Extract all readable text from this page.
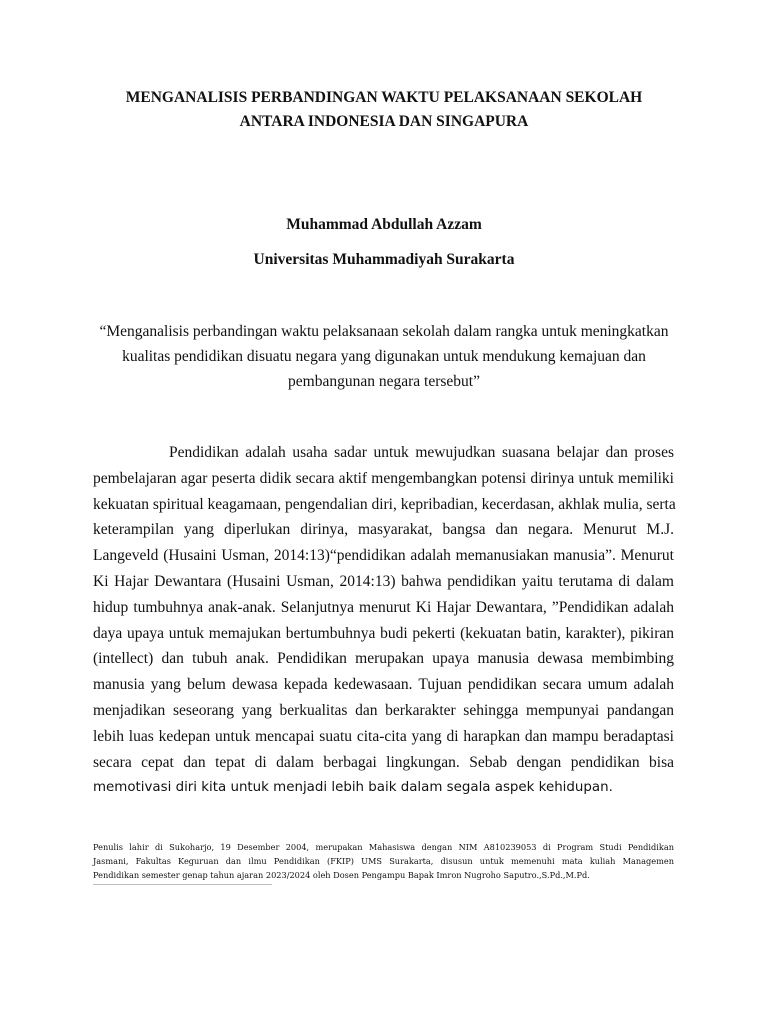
MENGANALISIS PERBANDINGAN WAKTU PELAKSANAAN SEKOLAH
ANTARA INDONESIA DAN SINGAPURA
Muhammad Abdullah Azzam
Universitas Muhammadiyah Surakarta
“Menganalisis perbandingan waktu pelaksanaan sekolah dalam rangka untuk meningkatkan
kualitas pendidikan disuatu negara yang digunakan untuk mendukung kemajuan dan
pembangunan negara tersebut”
Pendidikan adalah usaha sadar untuk mewujudkan suasana belajar dan proses
pembelajaran agar peserta didik secara aktif mengembangkan potensi dirinya untuk memiliki
kekuatan spiritual keagamaan, pengendalian diri, kepribadian, kecerdasan, akhlak mulia, serta
keterampilan yang diperlukan dirinya, masyarakat, bangsa dan negara. Menurut M.J.
Langeveld (Husaini Usman, 2014:13)“pendidikan adalah memanusiakan manusia”. Menurut
Ki Hajar Dewantara (Husaini Usman, 2014:13) bahwa pendidikan yaitu terutama di dalam
hidup tumbuhnya anak-anak. Selanjutnya menurut Ki Hajar Dewantara, ”Pendidikan adalah
daya upaya untuk memajukan bertumbuhnya budi pekerti (kekuatan batin, karakter), pikiran
(intellect) dan tubuh anak. Pendidikan merupakan upaya manusia dewasa membimbing
manusia yang belum dewasa kepada kedewasaan. Tujuan pendidikan secara umum adalah
menjadikan seseorang yang berkualitas dan berkarakter sehingga mempunyai pandangan
lebih luas kedepan untuk mencapai suatu cita-cita yang di harapkan dan mampu beradaptasi
secara cepat dan tepat di dalam berbagai lingkungan. Sebab dengan pendidikan bisa
memotivasi diri kita untuk menjadi lebih baik dalam segala aspek kehidupan.
Penulis lahir di Sukoharjo, 19 Desember 2004, merupakan Mahasiswa dengan NIM A810239053 di Program Studi Pendidikan
Jasmani, Fakultas Keguruan dan ilmu Pendidikan (FKIP) UMS Surakarta, disusun untuk memenuhi mata kuliah Managemen
Pendidikan semester genap tahun ajaran 2023/2024 oleh Dosen Pengampu Bapak Imron Nugroho Saputro.,S.Pd.,M.Pd.
